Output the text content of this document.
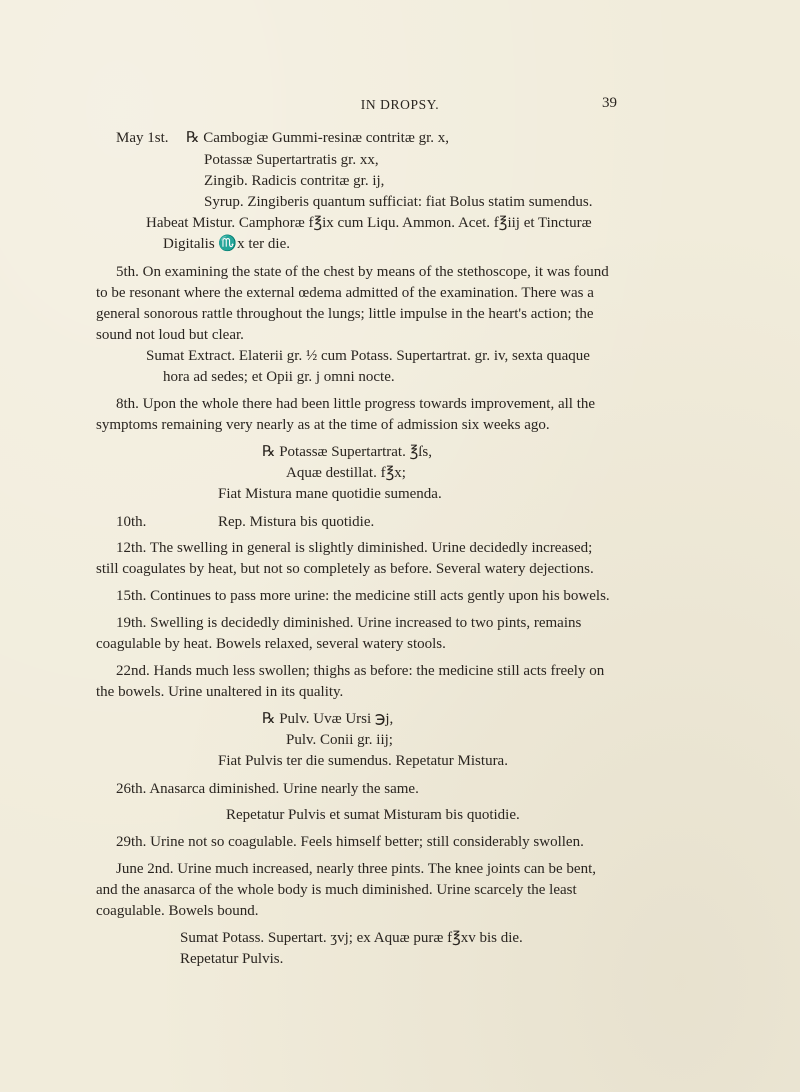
IN DROPSY.	39
May 1st. ℞ Cambogiæ Gummi-resinæ contritæ gr. x,
Potassæ Supertartratis gr. xx,
Zingib. Radicis contritæ gr. ij,
Syrup. Zingiberis quantum sufficiat: fiat Bolus statim sumendus.
Habeat Mistur. Camphoræ f℥ix cum Liqu. Ammon. Acet. f℥iij et Tincturæ
Digitalis ♏x ter die.
5th. On examining the state of the chest by means of the stethoscope, it was found
to be resonant where the external œdema admitted of the examination. There was a
general sonorous rattle throughout the lungs; little impulse in the heart's action; the
sound not loud but clear.
Sumat Extract. Elaterii gr. ½ cum Potass. Supertartrat. gr. iv, sexta quaque
hora ad sedes; et Opii gr. j omni nocte.
8th. Upon the whole there had been little progress towards improvement, all the
symptoms remaining very nearly as at the time of admission six weeks ago.
℞ Potassæ Supertartrat. ℥ſs,
Aquæ destillat. f℥x;
Fiat Mistura mane quotidie sumenda.
10th.	Rep. Mistura bis quotidie.
12th. The swelling in general is slightly diminished. Urine decidedly increased;
still coagulates by heat, but not so completely as before. Several watery dejections.
15th. Continues to pass more urine: the medicine still acts gently upon his bowels.
19th. Swelling is decidedly diminished. Urine increased to two pints, remains
coagulable by heat. Bowels relaxed, several watery stools.
22nd. Hands much less swollen; thighs as before: the medicine still acts freely on
the bowels. Urine unaltered in its quality.
℞ Pulv. Uvæ Ursi ℈j,
Pulv. Conii gr. iij;
Fiat Pulvis ter die sumendus. Repetatur Mistura.
26th. Anasarca diminished. Urine nearly the same.
Repetatur Pulvis et sumat Misturam bis quotidie.
29th. Urine not so coagulable. Feels himself better; still considerably swollen.
June 2nd. Urine much increased, nearly three pints. The knee joints can be bent,
and the anasarca of the whole body is much diminished. Urine scarcely the least
coagulable. Bowels bound.
Sumat Potass. Supertart. ʒvj; ex Aquæ puræ f℥xv bis die.
Repetatur Pulvis.
